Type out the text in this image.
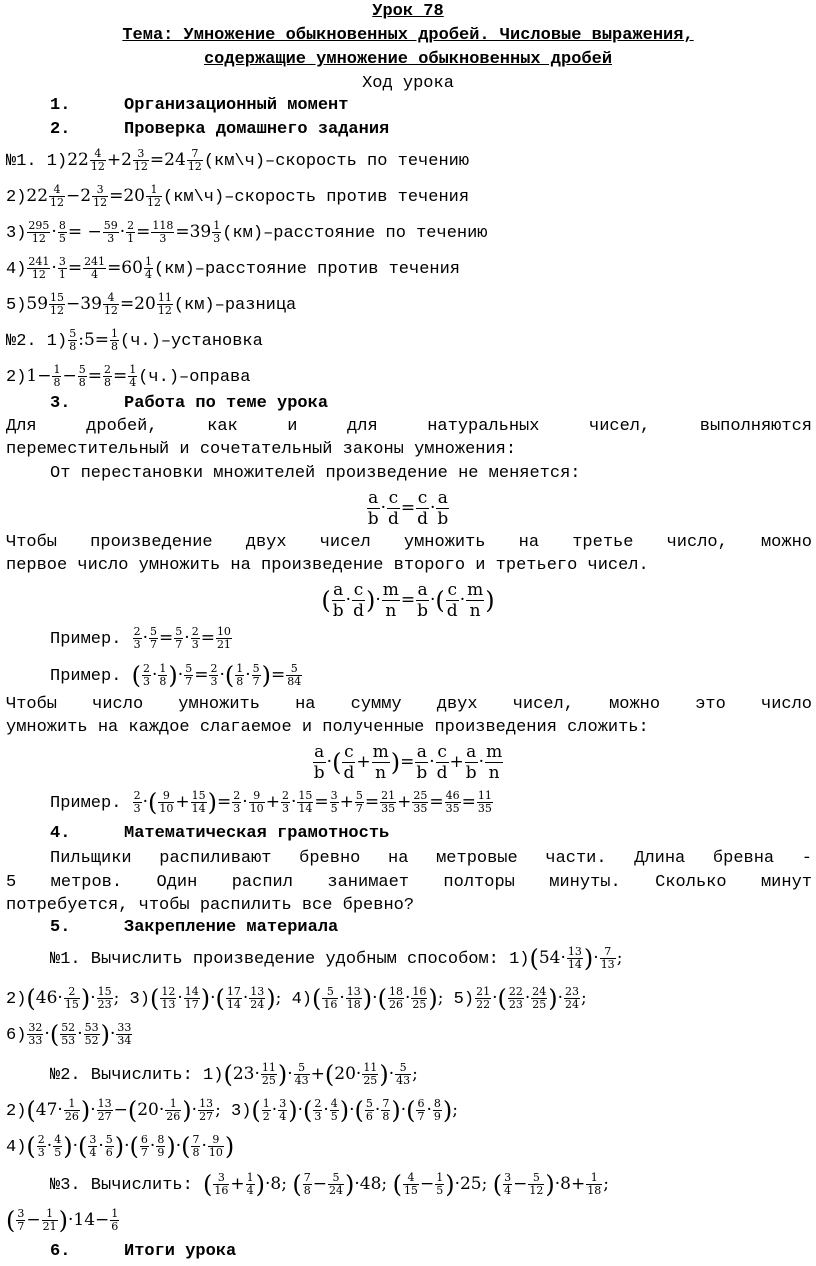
Урок 78
Тема: Умножение обыкновенных дробей. Числовые выражения,
содержащие умножение обыкновенных дробей
Ход урока
1.	Организационный момент
2.	Проверка домашнего задания
№1. $1)22 \frac{4}{12} +2 \frac{3}{12} =24 \frac{7}{12}$ (км\ч)–скорость по течению
$2)22 \frac{4}{12} -2 \frac{3}{12} =20 \frac{1}{12}$ (км\ч)–скорость против течения
$3) \frac{295}{12} \cdot \frac{8}{5}$ = − $\frac{59}{3} \cdot \frac{2}{1} = \frac{118}{3} =39 \frac{1}{3}$ (км)–расстояние по течению
$4) \frac{241}{12} \cdot \frac{3}{1} = \frac{241}{4} =60 \frac{1}{4}$ (км)–расстояние против течения
$5)59 \frac{15}{12} -39 \frac{4}{12} =20 \frac{11}{12}$ (км)–разница
№2. $1) \frac{5}{8}$ :5= $\frac{1}{8}$ (ч.)–установка
$2)1- \frac{1}{8} - \frac{5}{8} = \frac{2}{8} = \frac{1}{4}$ (ч.)–оправа
3.	Работа по теме урока
Для дробей, как и для натуральных чисел, выполняются
переместительный и сочетательный законы умножения:
От перестановки множителей произведение не меняется:
$\frac{a}{b} \cdot \frac{c}{d} = \frac{c}{d} \cdot \frac{a}{b}$
Чтобы произведение двух чисел умножить на третье число, можно
первое число умножить на произведение второго и третьего чисел.
( $\frac{a}{b} \cdot \frac{c}{d}$ )· $\frac{m}{n} = \frac{a}{b}$ ·( $\frac{c}{d} \cdot \frac{m}{n}$ )
Пример. $\frac{2}{3} \cdot \frac{5}{7} = \frac{5}{7} \cdot \frac{2}{3} = \frac{10}{21}$
Пример. ( $\frac{2}{3} \cdot \frac{1}{8}$ )· $\frac{5}{7} = \frac{2}{3}$ ·( $\frac{1}{8} \cdot \frac{5}{7}$ )= $\frac{5}{84}$
Чтобы число умножить на сумму двух чисел, можно это число
умножить на каждое слагаемое и полученные произведения сложить:
$\frac{a}{b}$ ·( $\frac{c}{d} + \frac{m}{n}$ )= $\frac{a}{b} \cdot \frac{c}{d} + \frac{a}{b} \cdot \frac{m}{n}$
Пример. $\frac{2}{3}$ ·( $\frac{9}{10} + \frac{15}{14}$ )= $\frac{2}{3} \cdot \frac{9}{10} + \frac{2}{3} \cdot \frac{15}{14} = \frac{3}{5} + \frac{5}{7} = \frac{21}{35} + \frac{25}{35} = \frac{46}{35} = \frac{11}{35}$
4.	Математическая грамотность
Пильщики распиливают бревно на метровые части. Длина бревна -
5 метров. Один распил занимает полторы минуты. Сколько минут
потребуется, чтобы распилить все бревно?
5.	Закрепление материала
№1. Вычислить произведение удобным способом: $1)(54\cdot \frac{13}{14}$ )· $\frac{7}{13}$ ;
$2)(46\cdot \frac{2}{15}$ )· $\frac{15}{23}$ ; $3)( \frac{12}{13} \cdot \frac{14}{17}$ )·( $\frac{17}{14} \cdot \frac{13}{24}$ ); $4)( \frac{5}{16} \cdot \frac{13}{18}$ )·( $\frac{18}{26} \cdot \frac{16}{25}$ ); $5) \frac{21}{22}$ ·( $\frac{22}{23} \cdot \frac{24}{25}$ )· $\frac{23}{24}$ ;
$6) \frac{32}{33}$ ·( $\frac{52}{53} \cdot \frac{53}{52}$ )· $\frac{33}{34}$
№2. Вычислить: $1)(23\cdot \frac{11}{25}$ )· $\frac{5}{43} +(20\cdot \frac{11}{25}$ )· $\frac{5}{43}$ ;
$2)(47\cdot \frac{1}{26}$ )· $\frac{13}{27} -(20\cdot \frac{1}{26}$ )· $\frac{13}{27}$ ; $3)( \frac{1}{2} \cdot \frac{3}{4}$ )·( $\frac{2}{3} \cdot \frac{4}{5}$ )·( $\frac{5}{6} \cdot \frac{7}{8}$ )·( $\frac{6}{7} \cdot \frac{8}{9}$ );
$4)( \frac{2}{3} \cdot \frac{4}{5}$ )·( $\frac{3}{4} \cdot \frac{5}{6}$ )·( $\frac{6}{7} \cdot \frac{8}{9}$ )·( $\frac{7}{8} \cdot \frac{9}{10}$ )
№3. Вычислить: ( $\frac{3}{16} + \frac{1}{4} )\cdot 8$; ( $\frac{7}{8} - \frac{5}{24} )\cdot 48$; ( $\frac{4}{15} - \frac{1}{5} )\cdot 25$; ( $\frac{3}{4} - \frac{5}{12} )\cdot 8+ \frac{1}{18}$ ;
( $\frac{3}{7} - \frac{1}{21} )\cdot 14- \frac{1}{6}$
6.	Итоги урока
